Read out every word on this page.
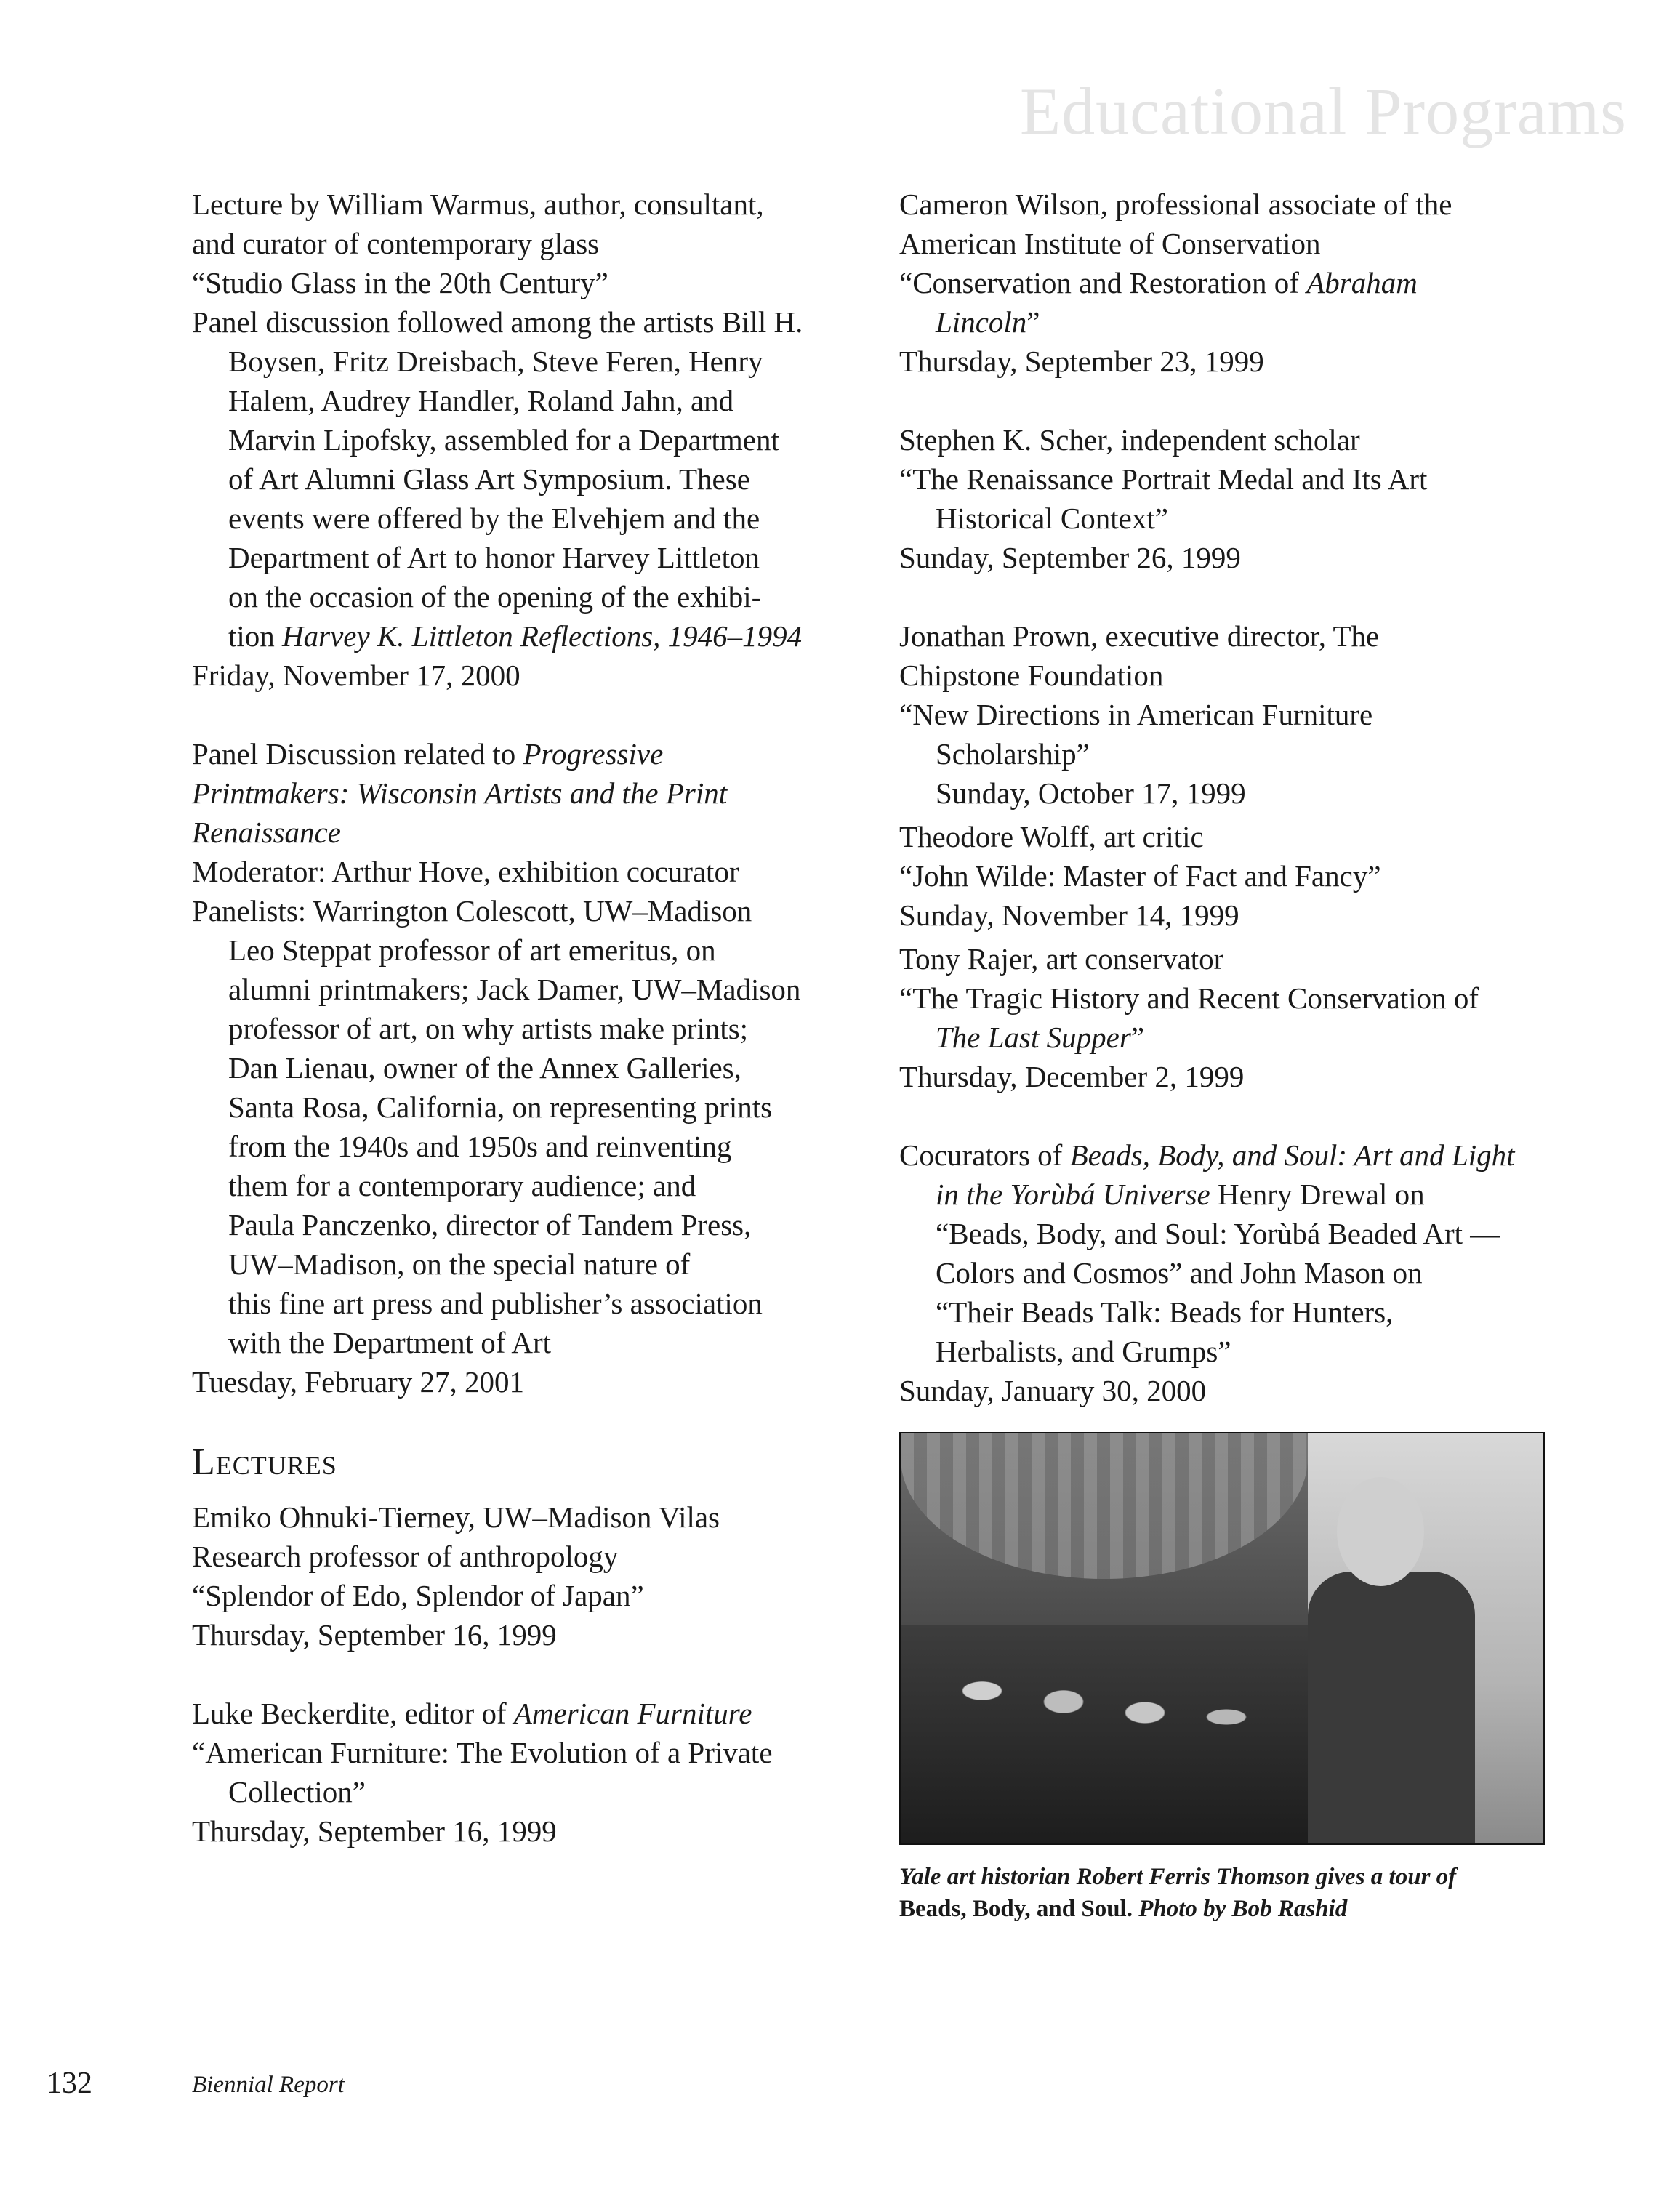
Educational Programs
Lecture by William Warmus, author, consultant,
and curator of contemporary glass
“Studio Glass in the 20th Century”
Panel discussion followed among the artists Bill H.
Boysen, Fritz Dreisbach, Steve Feren, Henry
Halem, Audrey Handler, Roland Jahn, and
Marvin Lipofsky, assembled for a Department
of Art Alumni Glass Art Symposium. These
events were offered by the Elvehjem and the
Department of Art to honor Harvey Littleton
on the occasion of the opening of the exhibi-
tion Harvey K. Littleton Reflections, 1946–1994
Friday, November 17, 2000
Panel Discussion related to Progressive
Printmakers: Wisconsin Artists and the Print
Renaissance
Moderator: Arthur Hove, exhibition cocurator
Panelists: Warrington Colescott, UW–Madison
Leo Steppat professor of art emeritus, on
alumni printmakers; Jack Damer, UW–Madison
professor of art, on why artists make prints;
Dan Lienau, owner of the Annex Galleries,
Santa Rosa, California, on representing prints
from the 1940s and 1950s and reinventing
them for a contemporary audience; and
Paula Panczenko, director of Tandem Press,
UW–Madison, on the special nature of
this fine art press and publisher’s association
with the Department of Art
Tuesday, February 27, 2001
Lectures
Emiko Ohnuki-Tierney, UW–Madison Vilas
Research professor of anthropology
“Splendor of Edo, Splendor of Japan”
Thursday, September 16, 1999
Luke Beckerdite, editor of American Furniture
“American Furniture: The Evolution of a Private
Collection”
Thursday, September 16, 1999
Cameron Wilson, professional associate of the
American Institute of Conservation
“Conservation and Restoration of Abraham
Lincoln”
Thursday, September 23, 1999
Stephen K. Scher, independent scholar
“The Renaissance Portrait Medal and Its Art
Historical Context”
Sunday, September 26, 1999
Jonathan Prown, executive director, The
Chipstone Foundation
“New Directions in American Furniture
Scholarship”
Sunday, October 17, 1999
Theodore Wolff, art critic
“John Wilde: Master of Fact and Fancy”
Sunday, November 14, 1999
Tony Rajer, art conservator
“The Tragic History and Recent Conservation of
The Last Supper”
Thursday, December 2, 1999
Cocurators of Beads, Body, and Soul: Art and Light
in the Yorùbá Universe Henry Drewal on
“Beads, Body, and Soul: Yorùbá Beaded Art —
Colors and Cosmos” and John Mason on
“Their Beads Talk: Beads for Hunters,
Herbalists, and Grumps”
Sunday, January 30, 2000
Yale art historian Robert Ferris Thomson gives a tour of
Beads, Body, and Soul. Photo by Bob Rashid
132	Biennial Report
